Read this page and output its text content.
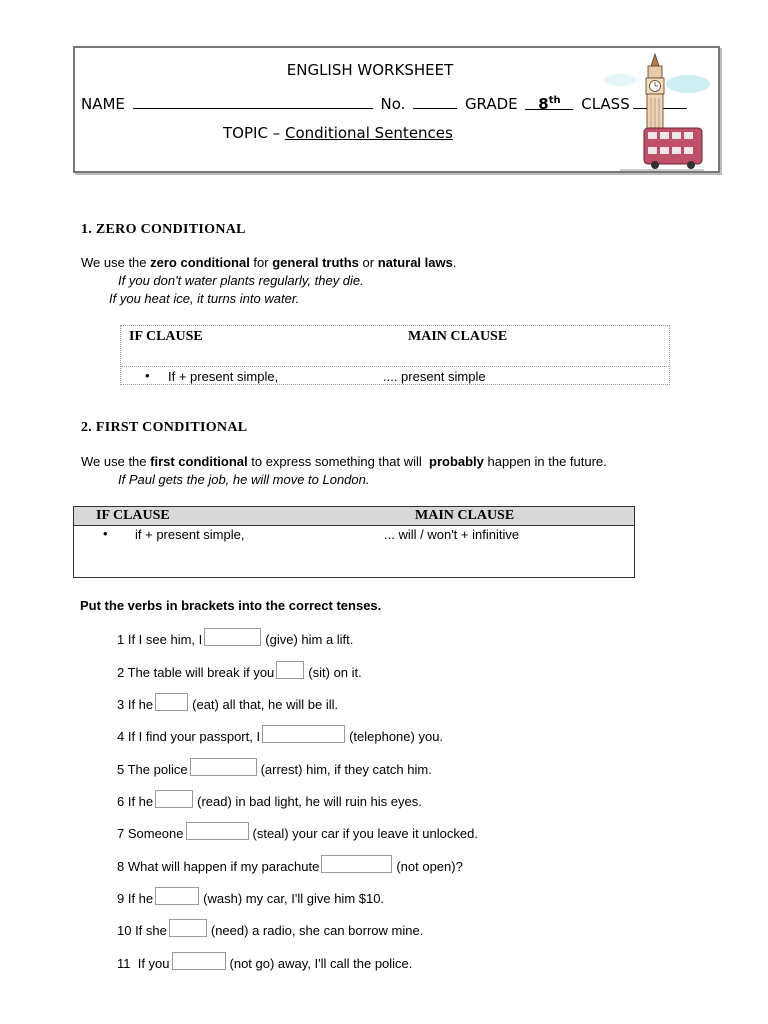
ENGLISH WORKSHEET
NAME	No.	GRADE 8th CLASS
TOPIC – Conditional Sentences
1. ZERO CONDITIONAL
We use the zero conditional for general truths or natural laws.
If you don't water plants regularly, they die.
If you heat ice, it turns into water.
IF CLAUSE	MAIN CLAUSE
• If + present simple,	.... present simple
2. FIRST CONDITIONAL
We use the first conditional to express something that will  probably happen in the future.
If Paul gets the job, he will move to London.
IF CLAUSE	MAIN CLAUSE
• if + present simple,	... will / won't + infinitive
Put the verbs in brackets into the correct tenses.
1 If I see him, I	(give) him a lift.
2 The table will break if you	(sit) on it.
3 If he	(eat) all that, he will be ill.
4 If I find your passport, I	(telephone) you.
5 The police	(arrest) him, if they catch him.
6 If he	(read) in bad light, he will ruin his eyes.
7 Someone	(steal) your car if you leave it unlocked.
8 What will happen if my parachute	(not open)?
9 If he	(wash) my car, I'll give him $10.
10 If she	(need) a radio, she can borrow mine.
11  If you	(not go) away, I'll call the police.
